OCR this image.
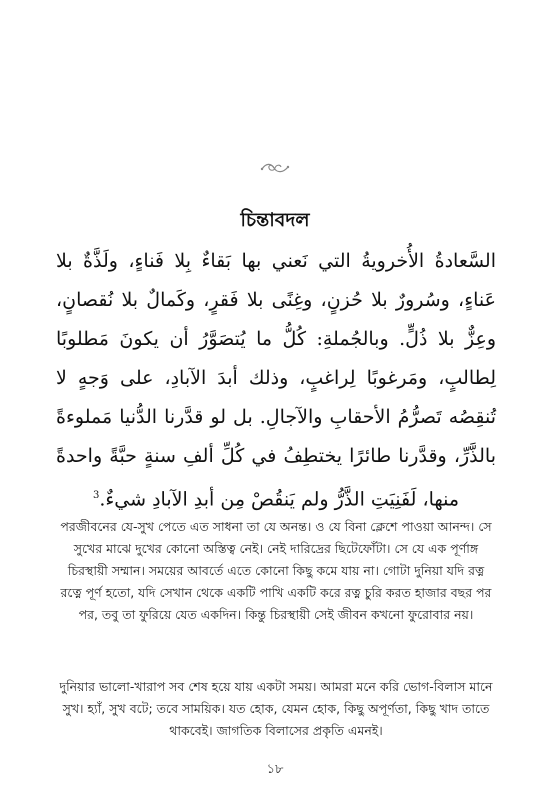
চিন্তাবদল
السَّعادةُ الأُخرويةُ التي نَعني بها بَقاءٌ بِلا فَناءٍ، ولَذَّةٌ بلا عَناءٍ، وسُرورٌ بلا حُزنٍ، وغِنًى بلا فَقرٍ، وكَمالٌ بلا نُقصانٍ، وعِزٌّ بلا ذُلٍّ. وبالجُملةِ: كُلُّ ما يُتصَوَّرُ أن يكونَ مَطلوبًا لِطالبٍ، ومَرغوبًا لِراغبٍ، وذلك أبدَ الآبادِ، على وَجهٍ لا تُنقِصُه تَصرُّمُ الأحقابِ والآجالِ. بل لو قدَّرنا الدُّنيا مَملوءةً بالذَّرِّ، وقدَّرنا طائرًا يختطِفُ في كُلِّ ألفِ سنةٍ حبَّةً واحدةً منها، لَفَنِيَتِ الذَّرُّ ولم يَنقُصْ مِن أبدِ الآبادِ شيءٌ.$^3$
পরজীবনের যে-সুখ পেতে এত সাধনা তা যে অনন্ত। ও যে বিনা ক্লেশে পাওয়া আনন্দ। সে সুখের মাঝে দুখের কোনো অস্তিত্ব নেই। নেই দারিদ্রের ছিটেফোঁটা। সে যে এক পূর্ণাঙ্গ চিরস্থায়ী সম্মান। সময়ের আবর্তে এতে কোনো কিছু কমে যায় না। গোটা দুনিয়া যদি রত্ন রত্নে পূর্ণ হতো, যদি সেখান থেকে একটি পাখি একটি করে রত্ন চুরি করত হাজার বছর পর পর, তবু তা ফুরিয়ে যেত একদিন। কিন্তু চিরস্থায়ী সেই জীবন কখনো ফুরোবার নয়।
দুনিয়ার ভালো-খারাপ সব শেষ হয়ে যায় একটা সময়। আমরা মনে করি ভোগ-বিলাস মানে সুখ। হ্যাঁ, সুখ বটে; তবে সাময়িক। যত হোক, যেমন হোক, কিছু অপূর্ণতা, কিছু খাদ তাতে থাকবেই। জাগতিক বিলাসের প্রকৃতি এমনই।
১৮
